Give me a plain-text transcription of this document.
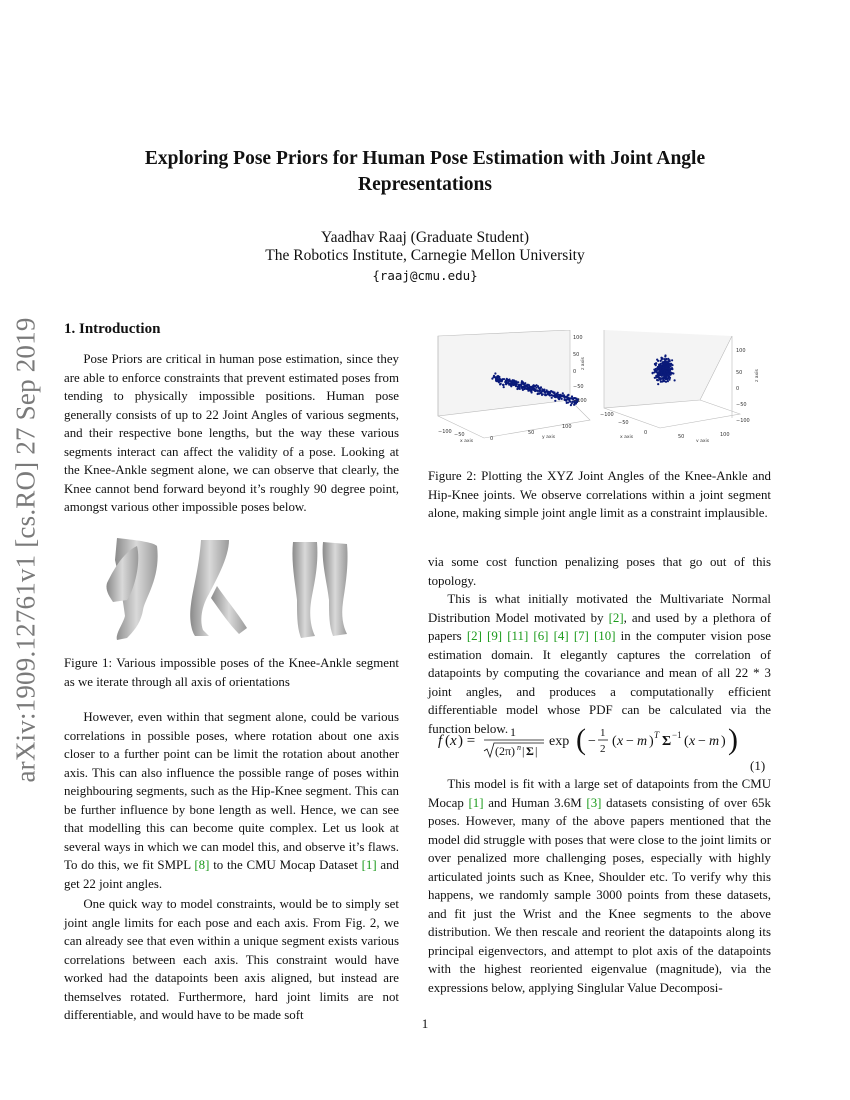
arXiv:1909.12761v1 [cs.RO] 27 Sep 2019
Exploring Pose Priors for Human Pose Estimation with Joint Angle
Representations
Yaadhav Raaj (Graduate Student)
The Robotics Institute, Carnegie Mellon University
{raaj@cmu.edu}
1. Introduction

Pose Priors are critical in human pose estimation, since they are able to enforce constraints that prevent estimated poses from tending to physically impossible positions. Human pose generally consists of up to 22 Joint Angles of various segments, and their respective bone lengths, but the way these various segments interact can affect the validity of a pose. Looking at the Knee-Ankle segment alone, we can observe that clearly, the Knee cannot bend forward beyond it’s roughly 90 degree point, amongst various other impossible poses below.

Figure 1: Various impossible poses of the Knee-Ankle segment as we iterate through all axis of orientations

However, even within that segment alone, could be various correlations in possible poses, where rotation about one axis closer to a further point can be limit the rotation about another axis. This can also influence the possible range of poses within neighbouring segments, such as the Hip-Knee segment. This can be further influence by bone length as well. Hence, we can see that modelling this can become quite complex. Let us look at several ways in which we can model this, and observe it’s flaws. To do this, we fit SMPL [8] to the CMU Mocap Dataset [1] and get 22 joint angles.

One quick way to model constraints, would be to simply set joint angle limits for each pose and each axis. From Fig. 2, we can already see that even within a unique segment exists various correlations between each axis. This constraint would have worked had the datapoints been axis aligned, but instead are themselves rotated. Furthermore, hard joint limits are not differentiable, and would have to be made soft

100
50
0
−50
−100
−100 −50
0
50
100
x axis
y axis
z axis
100
50
0
−50
−100
−100
−50
0
50	100
x axis
y axis
z axis
Figure 2: Plotting the XYZ Joint Angles of the Knee-Ankle and Hip-Knee joints. We observe correlations within a joint segment alone, making simple joint angle limit as a constraint implausible.

via some cost function penalizing poses that go out of this topology.

This is what initially motivated the Multivariate Normal Distribution Model motivated by [2], and used by a plethora of papers [2] [9] [11] [6] [4] [7] [10] in the computer vision pose estimation domain. It elegantly captures the correlation of datapoints by computing the covariance and mean of all 22 * 3 joint angles, and produces a computationally efficient differentiable model whose PDF can be calculated via the function below.

f ( x ) =
1
(2π) n | Σ |
exp ( −
1
2 ( x − m ) T Σ −1 ( x − m ) )
(1)

This model is fit with a large set of datapoints from the CMU Mocap [1] and Human 3.6M [3] datasets consisting of over 65k poses. However, many of the above papers mentioned that the model did struggle with poses that were close to the joint limits or over penalized more challenging poses, especially with highly articulated joints such as Knee, Shoulder etc. To verify why this happens, we randomly sample 3000 points from these datasets, and fit just the Wrist and the Knee segments to the above distribution. We then rescale and reorient the datapoints along its principal eigenvectors, and attempt to plot axis of the datapoints with the highest reoriented eigenvalue (magnitude), via the expressions below, applying Singlular Value Decomposi-

1
